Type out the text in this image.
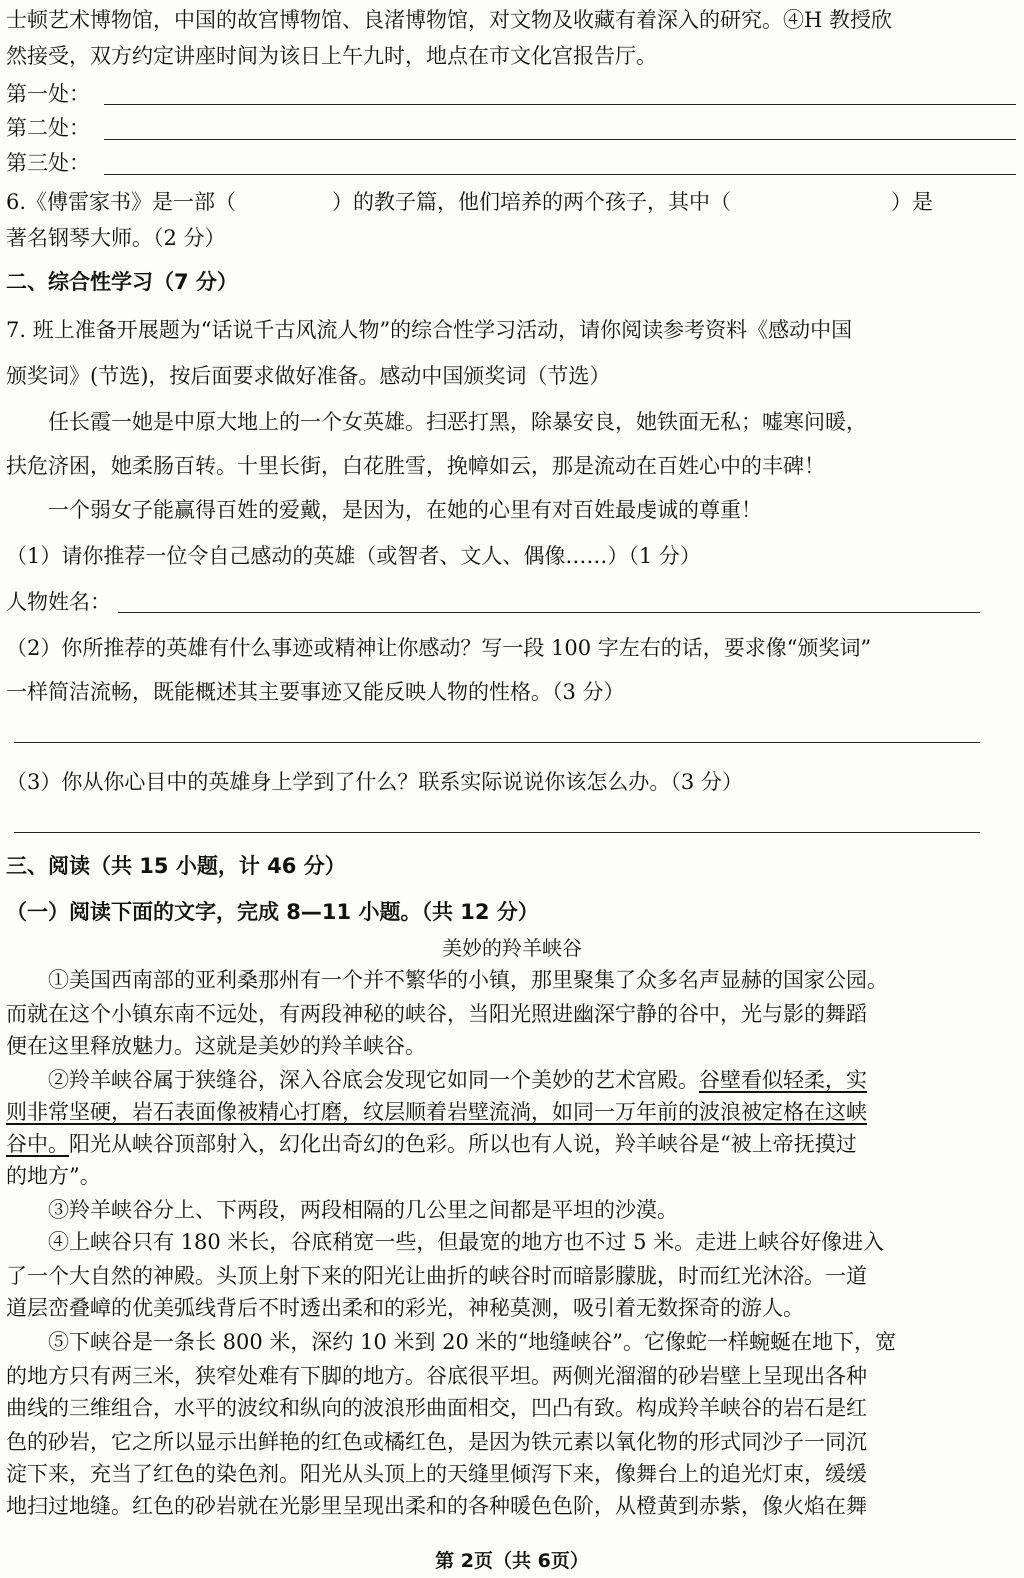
士顿艺术博物馆，中国的故宫博物馆、良渚博物馆，对文物及收藏有着深入的研究。④H 教授欣
然接受，双方约定讲座时间为该日上午九时，地点在市文化宫报告厅。
第一处：
第二处：
第三处：
6.《傅雷家书》是一部（	）的教子篇，他们培养的两个孩子，其中（	）是
著名钢琴大师。（2 分）
二、综合性学习（7 分）
7. 班上准备开展题为“话说千古风流人物”的综合性学习活动，请你阅读参考资料《感动中国
颁奖词》(节选)，按后面要求做好准备。感动中国颁奖词（节选）
任长霞一她是中原大地上的一个女英雄。扫恶打黑，除暴安良，她铁面无私；嘘寒问暖，
扶危济困，她柔肠百转。十里长街，白花胜雪，挽幛如云，那是流动在百姓心中的丰碑！
一个弱女子能赢得百姓的爱戴，是因为，在她的心里有对百姓最虔诚的尊重！
（1）请你推荐一位令自己感动的英雄（或智者、文人、偶像……）（1 分）
人物姓名：
（2）你所推荐的英雄有什么事迹或精神让你感动？写一段 100 字左右的话，要求像“颁奖词”
一样简洁流畅，既能概述其主要事迹又能反映人物的性格。（3 分）
（3）你从你心目中的英雄身上学到了什么？联系实际说说你该怎么办。（3 分）
三、阅读（共 15 小题，计 46 分）
（一）阅读下面的文字，完成 8—11 小题。（共 12 分）
美妙的羚羊峡谷
①美国西南部的亚利桑那州有一个并不繁华的小镇，那里聚集了众多名声显赫的国家公园。
而就在这个小镇东南不远处，有两段神秘的峡谷，当阳光照进幽深宁静的谷中，光与影的舞蹈
便在这里释放魅力。这就是美妙的羚羊峡谷。
②羚羊峡谷属于狭缝谷，深入谷底会发现它如同一个美妙的艺术宫殿。谷壁看似轻柔，实
则非常坚硬，岩石表面像被精心打磨，纹层顺着岩壁流淌，如同一万年前的波浪被定格在这峡
谷中。阳光从峡谷顶部射入，幻化出奇幻的色彩。所以也有人说，羚羊峡谷是“被上帝抚摸过
的地方”。
③羚羊峡谷分上、下两段，两段相隔的几公里之间都是平坦的沙漠。
④上峡谷只有 180 米长，谷底稍宽一些，但最宽的地方也不过 5 米。走进上峡谷好像进入
了一个大自然的神殿。头顶上射下来的阳光让曲折的峡谷时而暗影朦胧，时而红光沐浴。一道
道层峦叠嶂的优美弧线背后不时透出柔和的彩光，神秘莫测，吸引着无数探奇的游人。
⑤下峡谷是一条长 800 米，深约 10 米到 20 米的“地缝峡谷”。它像蛇一样蜿蜒在地下，宽
的地方只有两三米，狭窄处难有下脚的地方。谷底很平坦。两侧光溜溜的砂岩壁上呈现出各种
曲线的三维组合，水平的波纹和纵向的波浪形曲面相交，凹凸有致。构成羚羊峡谷的岩石是红
色的砂岩，它之所以显示出鲜艳的红色或橘红色，是因为铁元素以氧化物的形式同沙子一同沉
淀下来，充当了红色的染色剂。阳光从头顶上的天缝里倾泻下来，像舞台上的追光灯束，缓缓
地扫过地缝。红色的砂岩就在光影里呈现出柔和的各种暖色色阶，从橙黄到赤紫，像火焰在舞
第 2页（共 6页）
